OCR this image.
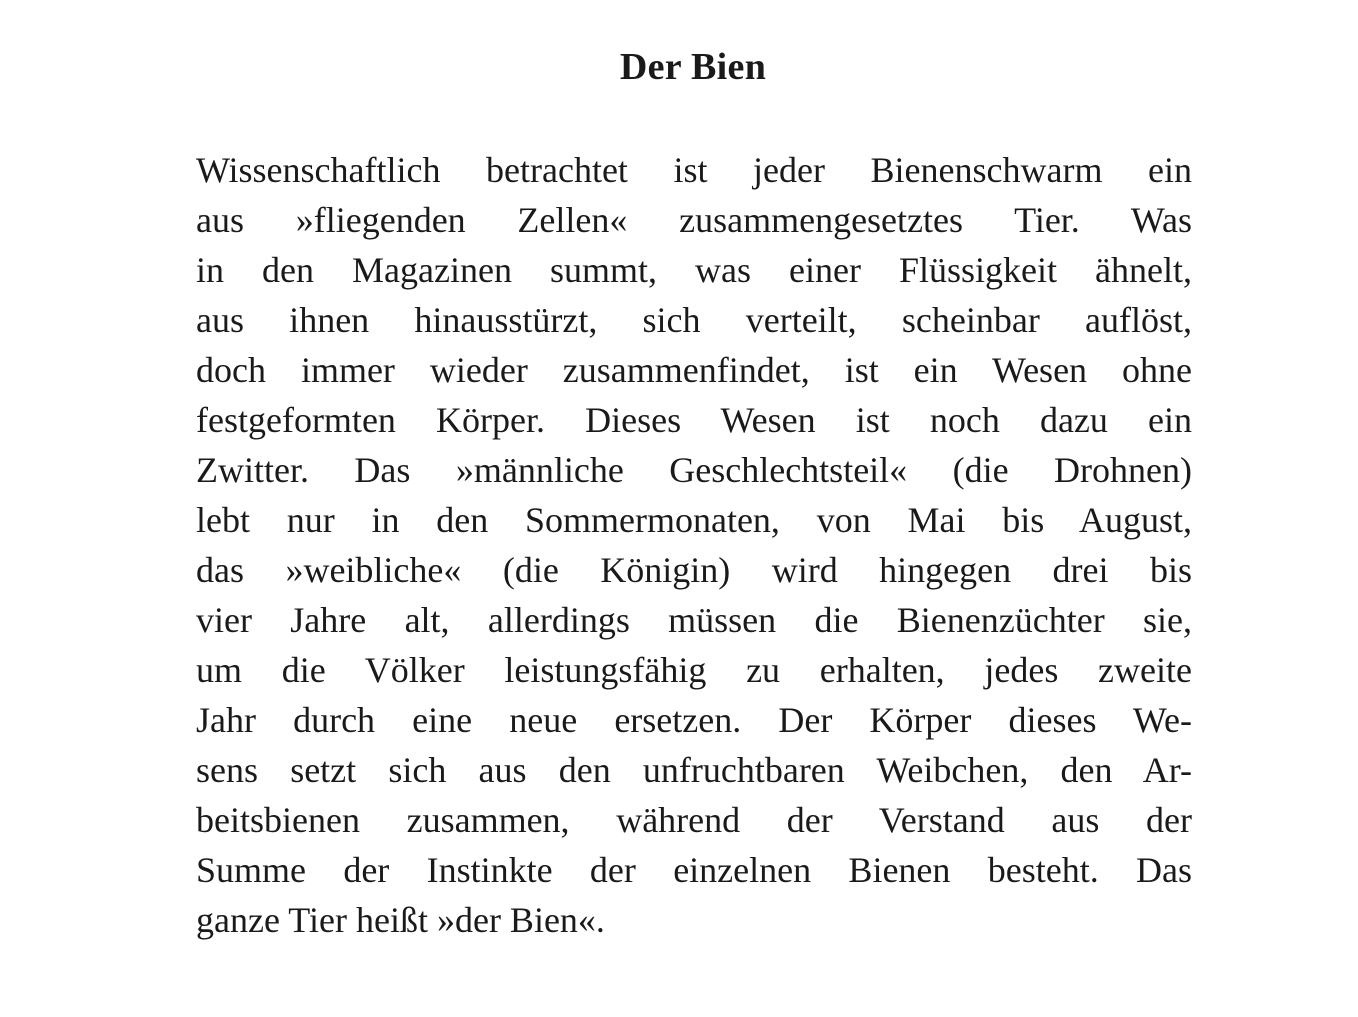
Der Bien
Wissenschaftlich betrachtet ist jeder Bienenschwarm ein
aus »fliegenden Zellen« zusammengesetztes Tier. Was
in den Magazinen summt, was einer Flüssigkeit ähnelt,
aus ihnen hinausstürzt, sich verteilt, scheinbar auflöst,
doch immer wieder zusammenfindet, ist ein Wesen ohne
festgeformten Körper. Dieses Wesen ist noch dazu ein
Zwitter. Das »männliche Geschlechtsteil« (die Drohnen)
lebt nur in den Sommermonaten, von Mai bis August,
das »weibliche« (die Königin) wird hingegen drei bis
vier Jahre alt, allerdings müssen die Bienenzüchter sie,
um die Völker leistungsfähig zu erhalten, jedes zweite
Jahr durch eine neue ersetzen. Der Körper dieses We-
sens setzt sich aus den unfruchtbaren Weibchen, den Ar-
beitsbienen zusammen, während der Verstand aus der
Summe der Instinkte der einzelnen Bienen besteht. Das
ganze Tier heißt »der Bien«.
